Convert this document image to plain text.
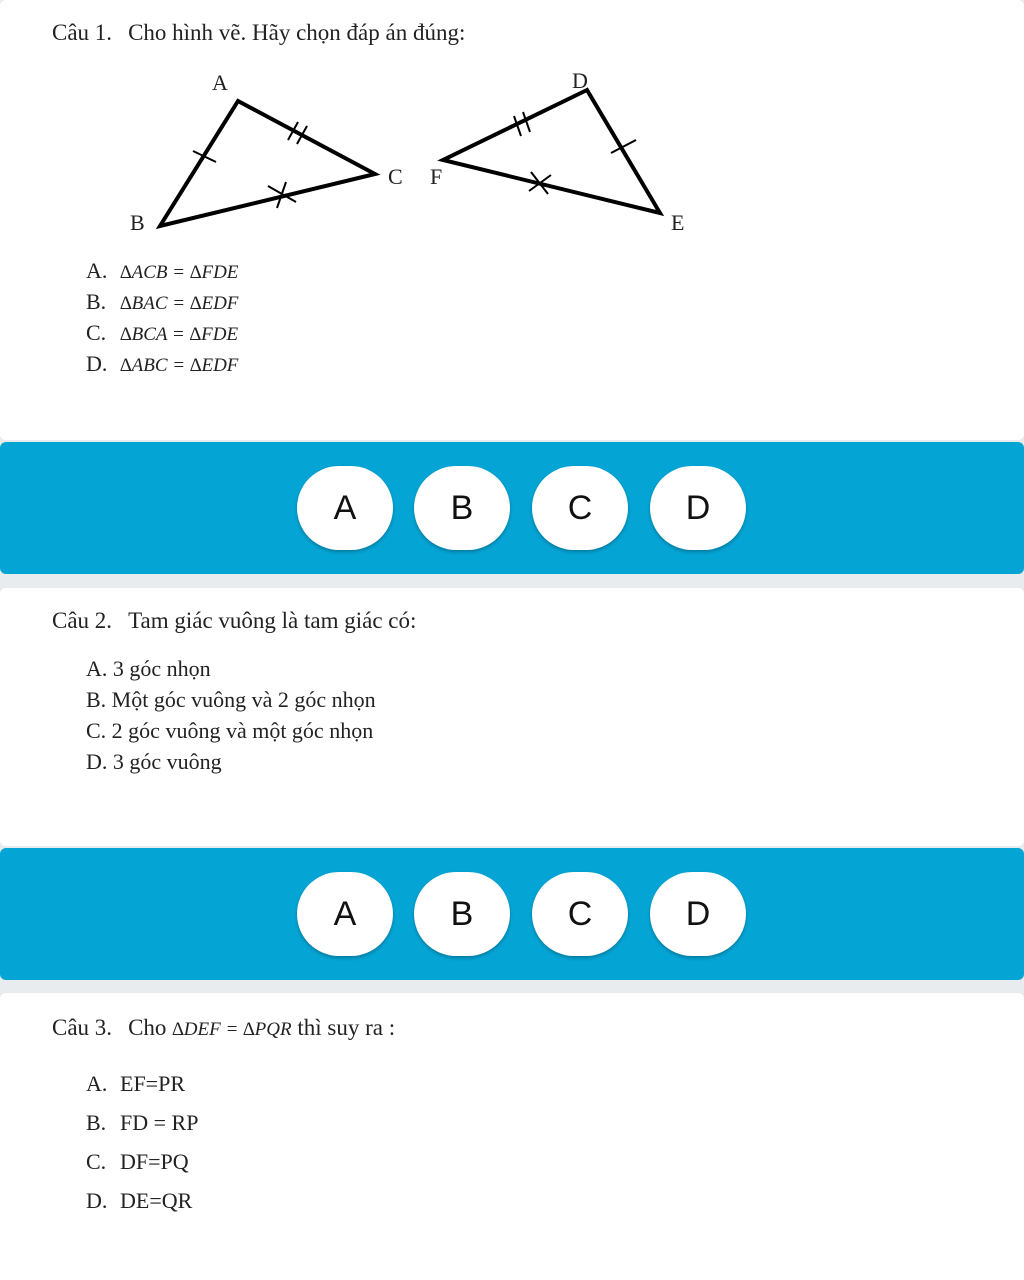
Câu 1. Cho hình vẽ. Hãy chọn đáp án đúng:
A
B
C
D
F
E
A. ∆ACB = ∆FDE
B. ∆BAC = ∆EDF
C. ∆BCA = ∆FDE
D. ∆ABC = ∆EDF
A	B	C	D
Câu 2. Tam giác vuông là tam giác có:
A. 3 góc nhọn
B. Một góc vuông và 2 góc nhọn
C. 2 góc vuông và một góc nhọn
D. 3 góc vuông
A	B	C	D
Câu 3. Cho ∆DEF = ∆PQR thì suy ra :
A. EF=PR
B. FD = RP
C. DF=PQ
D. DE=QR
